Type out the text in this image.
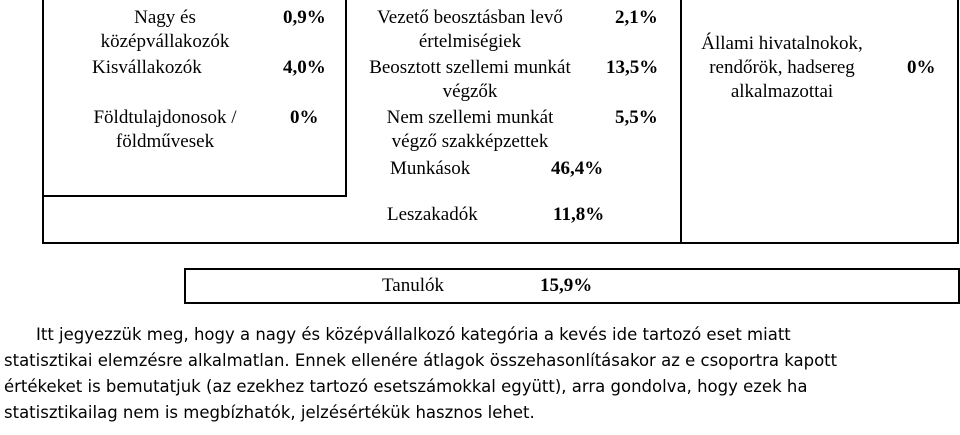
Nagy és
középvállakozók
0,9%
Kisvállakozók	4,0%
Földtulajdonosok /
földművesek
0%
Vezető beosztásban levő
értelmiségiek
2,1%
Beosztott szellemi munkát
végzők
13,5%
Nem szellemi munkát
végző szakképzettek
5,5%
Munkások	46,4%
Leszakadók	11,8%
Állami hivatalnokok,
rendőrök, hadsereg
alkalmazottai
0%
Tanulók	15,9%

Itt jegyezzük meg, hogy a nagy és középvállalkozó kategória a kevés ide tartozó eset miatt

statisztikai elemzésre alkalmatlan. Ennek ellenére átlagok összehasonlításakor az e csoportra kapott

értékeket is bemutatjuk (az ezekhez tartozó esetszámokkal együtt), arra gondolva, hogy ezek ha

statisztikailag nem is megbízhatók, jelzésértékük hasznos lehet.
